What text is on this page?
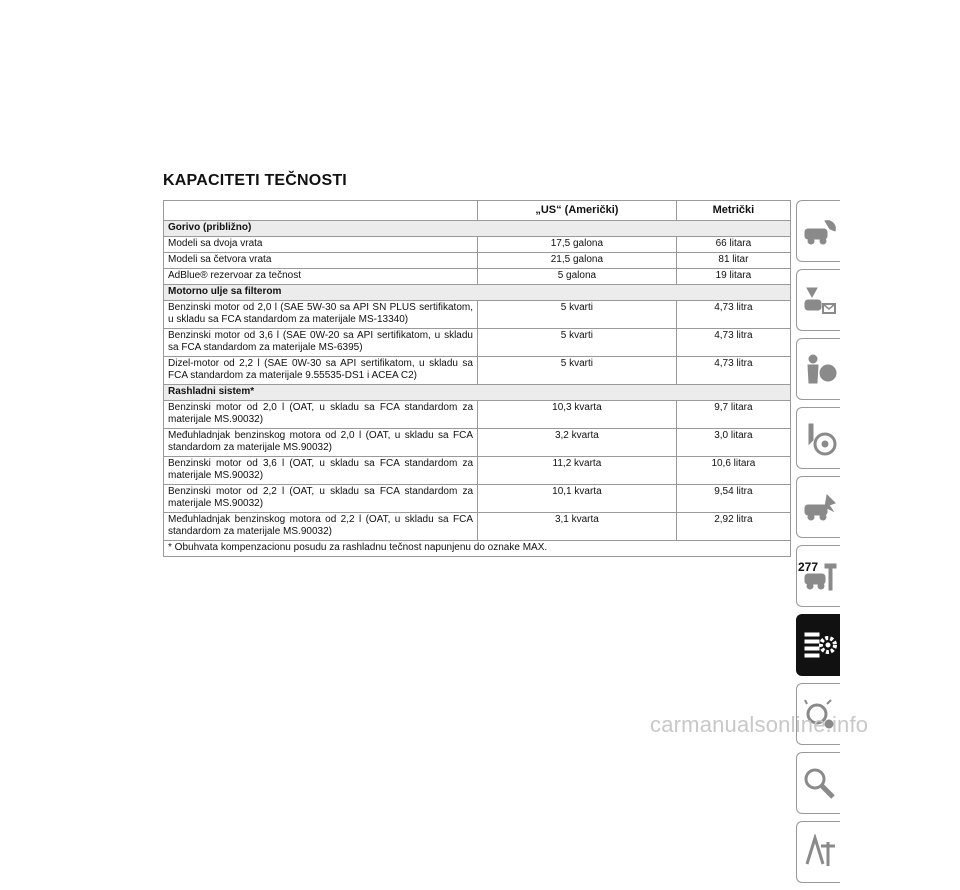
KAPACITETI TEČNOSTI
	„US“ (Američki)	Metrički
Gorivo (približno)		
Modeli sa dvoja vrata	17,5 galona	66 litara
Modeli sa četvora vrata	21,5 galona	81 litar
AdBlue® rezervoar za tečnost	5 galona	19 litara
Motorno ulje sa filterom		
Benzinski motor od 2,0 l (SAE 5W-30 sa API SN PLUS sertifikatom, u skladu sa FCA standardom za materijale MS-13340)	5 kvarti	4,73 litra
Benzinski motor od 3,6 l (SAE 0W-20 sa API sertifikatom, u skladu sa FCA standardom za materijale MS-6395)	5 kvarti	4,73 litra
Dizel-motor od 2,2 l (SAE 0W-30 sa API sertifikatom, u skladu sa FCA standardom za materijale 9.55535-DS1 i ACEA C2)	5 kvarti	4,73 litra
Rashladni sistem*		
Benzinski motor od 2,0 l (OAT, u skladu sa FCA standardom za materijale MS.90032)	10,3 kvarta	9,7 litara
Međuhladnjak benzinskog motora od 2,0 l (OAT, u skladu sa FCA standardom za materijale MS.90032)	3,2 kvarta	3,0 litara
Benzinski motor od 3,6 l (OAT, u skladu sa FCA standardom za materijale MS.90032)	11,2 kvarta	10,6 litara
Benzinski motor od 2,2 l (OAT, u skladu sa FCA standardom za materijale MS.90032)	10,1 kvarta	9,54 litra
Međuhladnjak benzinskog motora od 2,2 l (OAT, u skladu sa FCA standardom za materijale MS.90032)	3,1 kvarta	2,92 litra
* Obuhvata kompenzacionu posudu za rashladnu tečnost napunjenu do oznake MAX.		
277
carmanualsonline.info
